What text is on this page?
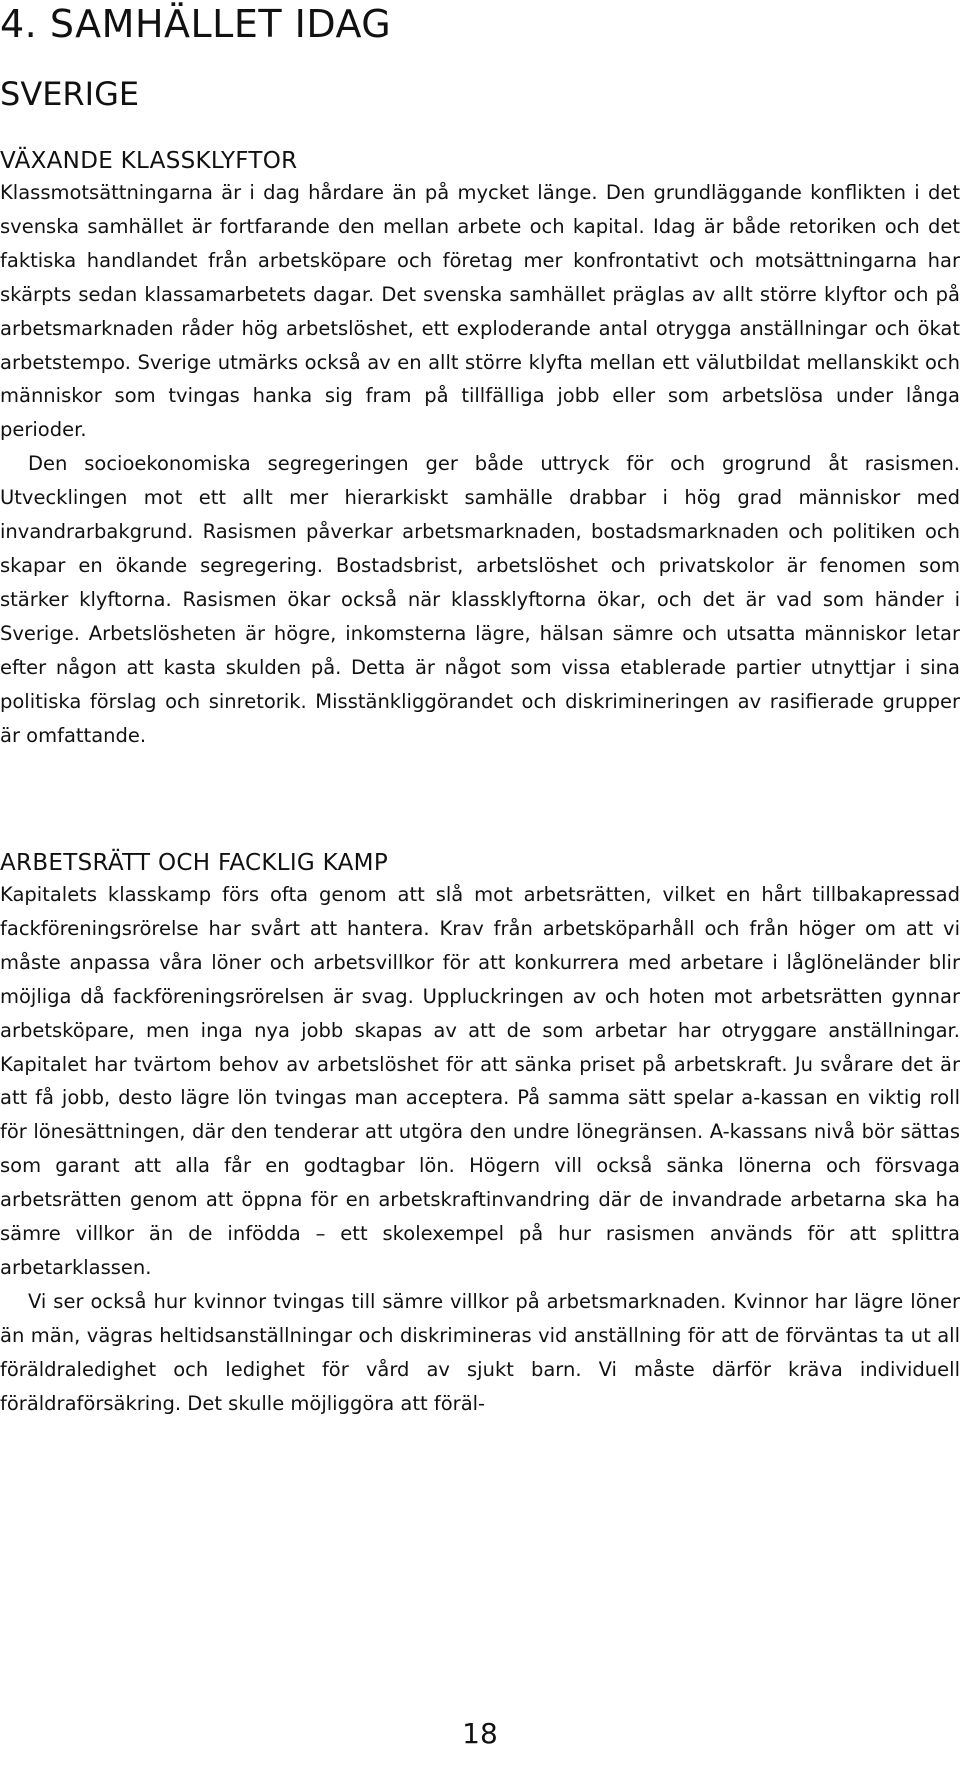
4. SAMHÄLLET IDAG
SVERIGE
VÄXANDE KLASSKLYFTOR

Klassmotsättningarna är i dag hårdare än på mycket länge. Den grundläggande konflikten i det svenska samhället är fortfarande den mellan arbete och kapital. Idag är både retoriken och det faktiska handlandet från arbetsköpare och företag mer konfrontativt och motsättningarna har skärpts sedan klassamarbetets dagar. Det svenska samhället präglas av allt större klyftor och på arbetsmarknaden råder hög arbetslöshet, ett exploderande antal otrygga anställningar och ökat arbetstempo. Sverige utmärks också av en allt större klyfta mellan ett välutbildat mellanskikt och människor som tvingas hanka sig fram på tillfälliga jobb eller som arbetslösa under långa perioder.

Den socioekonomiska segregeringen ger både uttryck för och grogrund åt rasismen. Utvecklingen mot ett allt mer hierarkiskt samhälle drabbar i hög grad människor med invandrarbakgrund. Rasismen påverkar arbetsmarknaden, bostadsmarknaden och politiken och skapar en ökande segregering. Bostadsbrist, arbetslöshet och privatskolor är fenomen som stärker klyftorna. Rasismen ökar också när klassklyftorna ökar, och det är vad som händer i Sverige. Arbetslösheten är högre, inkomsterna lägre, hälsan sämre och utsatta människor letar efter någon att kasta skulden på. Detta är något som vissa etablerade partier utnyttjar i sina politiska förslag och sinretorik. Misstänkliggörandet och diskrimineringen av rasifierade grupper är omfattande.

ARBETSRÄTT OCH FACKLIG KAMP

Kapitalets klasskamp förs ofta genom att slå mot arbetsrätten, vilket en hårt tillbakapressad fackföreningsrörelse har svårt att hantera. Krav från arbetsköparhåll och från höger om att vi måste anpassa våra löner och arbetsvillkor för att konkurrera med arbetare i låglöneländer blir möjliga då fackföreningsrörelsen är svag. Uppluckringen av och hoten mot arbetsrätten gynnar arbetsköpare, men inga nya jobb skapas av att de som arbetar har otryggare anställningar. Kapitalet har tvärtom behov av arbetslöshet för att sänka priset på arbetskraft. Ju svårare det är att få jobb, desto lägre lön tvingas man acceptera. På samma sätt spelar a-kassan en viktig roll för lönesättningen, där den tenderar att utgöra den undre lönegränsen. A-kassans nivå bör sättas som garant att alla får en godtagbar lön. Högern vill också sänka lönerna och försvaga arbetsrätten genom att öppna för en arbetskraftinvandring där de invandrade arbetarna ska ha sämre villkor än de infödda – ett skolexempel på hur rasismen används för att splittra arbetarklassen.

Vi ser också hur kvinnor tvingas till sämre villkor på arbetsmarknaden. Kvinnor har lägre löner än män, vägras heltidsanställningar och diskrimineras vid anställning för att de förväntas ta ut all föräldraledighet och ledighet för vård av sjukt barn. Vi måste därför kräva individuell föräldraförsäkring. Det skulle möjliggöra att föräl-

18
